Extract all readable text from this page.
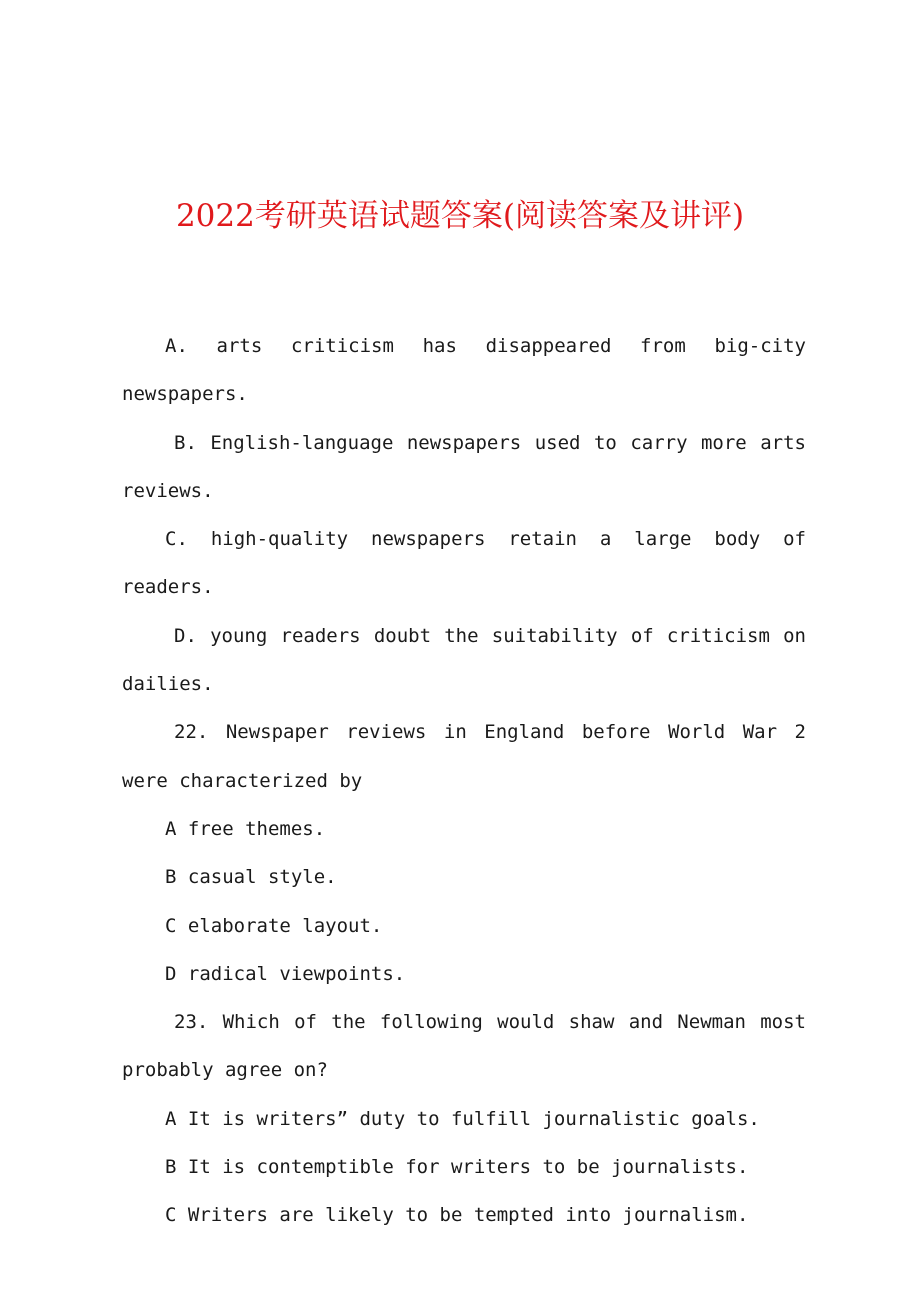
2022考研英语试题答案(阅读答案及讲评)

A. arts criticism has disappeared from big-city newspapers.

B. English-language newspapers used to carry more arts reviews.

C. high-quality newspapers retain a large body of readers.

D. young readers doubt the suitability of criticism on dailies.

22. Newspaper reviews in England before World War 2 were characterized by

A free themes.

B casual style.

C elaborate layout.

D radical viewpoints.

23. Which of the following would shaw and Newman most probably agree on?

A It is writers” duty to fulfill journalistic goals.

B It is contemptible for writers to be journalists.

C Writers are likely to be tempted into journalism.
